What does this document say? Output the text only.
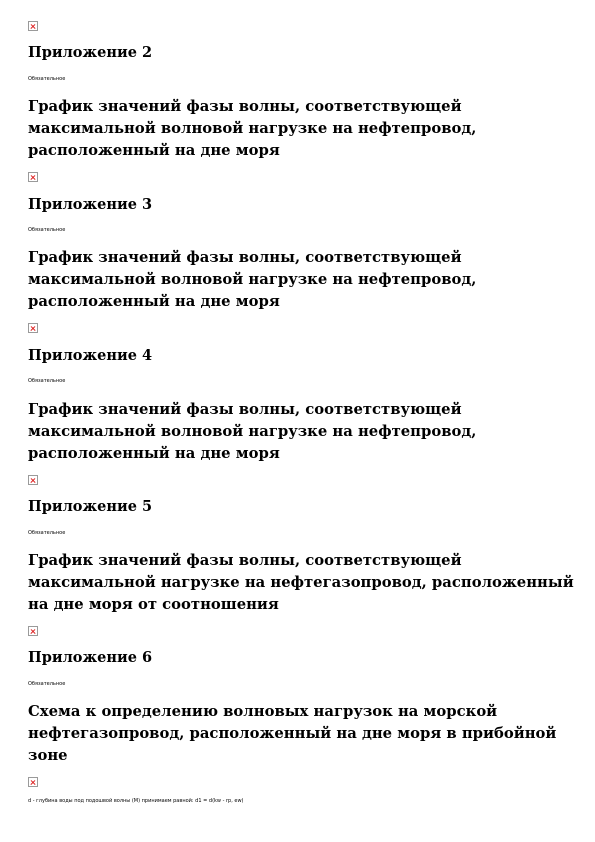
Приложение 2
Обязательное
График значений фазы волны, соответствующей
максимальной волновой нагрузке на нефтепровод,
расположенный на дне моря
Приложение 3
Обязательное
График значений фазы волны, соответствующей
максимальной волновой нагрузке на нефтепровод,
расположенный на дне моря
Приложение 4
Обязательное
График значений фазы волны, соответствующей
максимальной волновой нагрузке на нефтепровод,
расположенный на дне моря
Приложение 5
Обязательное
График значений фазы волны, соответствующей
максимальной нагрузке на нефтегазопровод, расположенный
на дне моря от соотношения
Приложение 6
Обязательное
Схема к определению волновых нагрузок на морской
нефтегазопровод, расположенный на дне моря в прибойной
зоне
d - глубина воды под подошвой волны (М) принимаем равной: d1 = d(kw - rp, ew)
